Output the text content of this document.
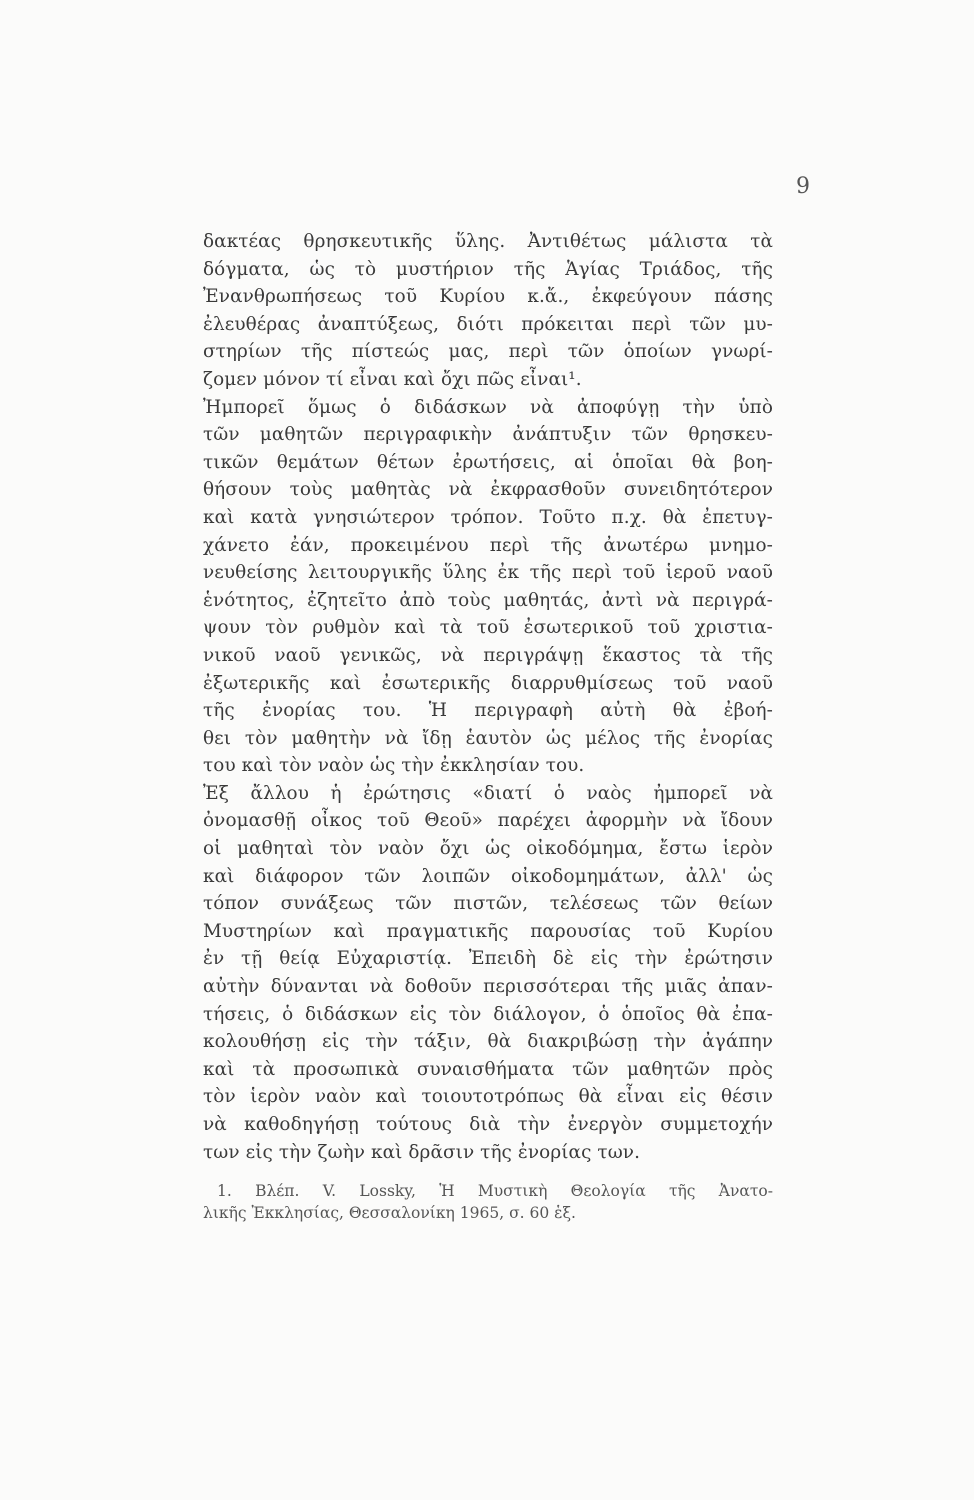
9
δακτέας θρησκευτικῆς ὕλης. Ἀντιθέτως μάλιστα τὰ
δόγματα, ὡς τὸ μυστήριον τῆς Ἁγίας Τριάδος, τῆς
Ἐνανθρωπήσεως τοῦ Κυρίου κ.ἄ., ἐκφεύγουν πάσης
ἐλευθέρας ἀναπτύξεως, διότι πρόκειται περὶ τῶν μυ-
στηρίων τῆς πίστεώς μας, περὶ τῶν ὁποίων γνωρί-
ζομεν μόνον τί εἶναι καὶ ὄχι πῶς εἶναι¹.
Ἠμπορεῖ ὅμως ὁ διδάσκων νὰ ἀποφύγῃ τὴν ὑπὸ
τῶν μαθητῶν περιγραφικὴν ἀνάπτυξιν τῶν θρησκευ-
τικῶν θεμάτων θέτων ἐρωτήσεις, αἱ ὁποῖαι θὰ βοη-
θήσουν τοὺς μαθητὰς νὰ ἐκφρασθοῦν συνειδητότερον
καὶ κατὰ γνησιώτερον τρόπον. Τοῦτο π.χ. θὰ ἐπετυγ-
χάνετο ἐάν, προκειμένου περὶ τῆς ἀνωτέρω μνημο-
νευθείσης λειτουργικῆς ὕλης ἐκ τῆς περὶ τοῦ ἱεροῦ ναοῦ
ἑνότητος, ἐζητεῖτο ἀπὸ τοὺς μαθητάς, ἀντὶ νὰ περιγρά-
ψουν τὸν ρυθμὸν καὶ τὰ τοῦ ἐσωτερικοῦ τοῦ χριστια-
νικοῦ ναοῦ γενικῶς, νὰ περιγράψῃ ἕκαστος τὰ τῆς
ἐξωτερικῆς καὶ ἐσωτερικῆς διαρρυθμίσεως τοῦ ναοῦ
τῆς ἐνορίας του. Ἡ περιγραφὴ αὐτὴ θὰ ἐβοή-
θει τὸν μαθητὴν νὰ ἴδῃ ἑαυτὸν ὡς μέλος τῆς ἐνορίας
του καὶ τὸν ναὸν ὡς τὴν ἐκκλησίαν του.
Ἐξ ἄλλου ἡ ἐρώτησις «διατί ὁ ναὸς ἠμπορεῖ νὰ
ὀνομασθῇ οἶκος τοῦ Θεοῦ» παρέχει ἀφορμὴν νὰ ἴδουν
οἱ μαθηταὶ τὸν ναὸν ὄχι ὡς οἰκοδόμημα, ἔστω ἱερὸν
καὶ διάφορον τῶν λοιπῶν οἰκοδομημάτων, ἀλλ' ὡς
τόπον συνάξεως τῶν πιστῶν, τελέσεως τῶν θείων
Μυστηρίων καὶ πραγματικῆς παρουσίας τοῦ Κυρίου
ἐν τῇ θείᾳ Εὐχαριστίᾳ. Ἐπειδὴ δὲ εἰς τὴν ἐρώτησιν
αὐτὴν δύνανται νὰ δοθοῦν περισσότεραι τῆς μιᾶς ἀπαν-
τήσεις, ὁ διδάσκων εἰς τὸν διάλογον, ὁ ὁποῖος θὰ ἐπα-
κολουθήσῃ εἰς τὴν τάξιν, θὰ διακριβώσῃ τὴν ἀγάπην
καὶ τὰ προσωπικὰ συναισθήματα τῶν μαθητῶν πρὸς
τὸν ἱερὸν ναὸν καὶ τοιουτοτρόπως θὰ εἶναι εἰς θέσιν
νὰ καθοδηγήσῃ τούτους διὰ τὴν ἐνεργὸν συμμετοχήν
των εἰς τὴν ζωὴν καὶ δρᾶσιν τῆς ἐνορίας των.
1. Βλέπ. V. Lossky, Ἡ Μυστικὴ Θεολογία τῆς Ἀνατο-
λικῆς Ἐκκλησίας, Θεσσαλονίκη 1965, σ. 60 ἑξ.
